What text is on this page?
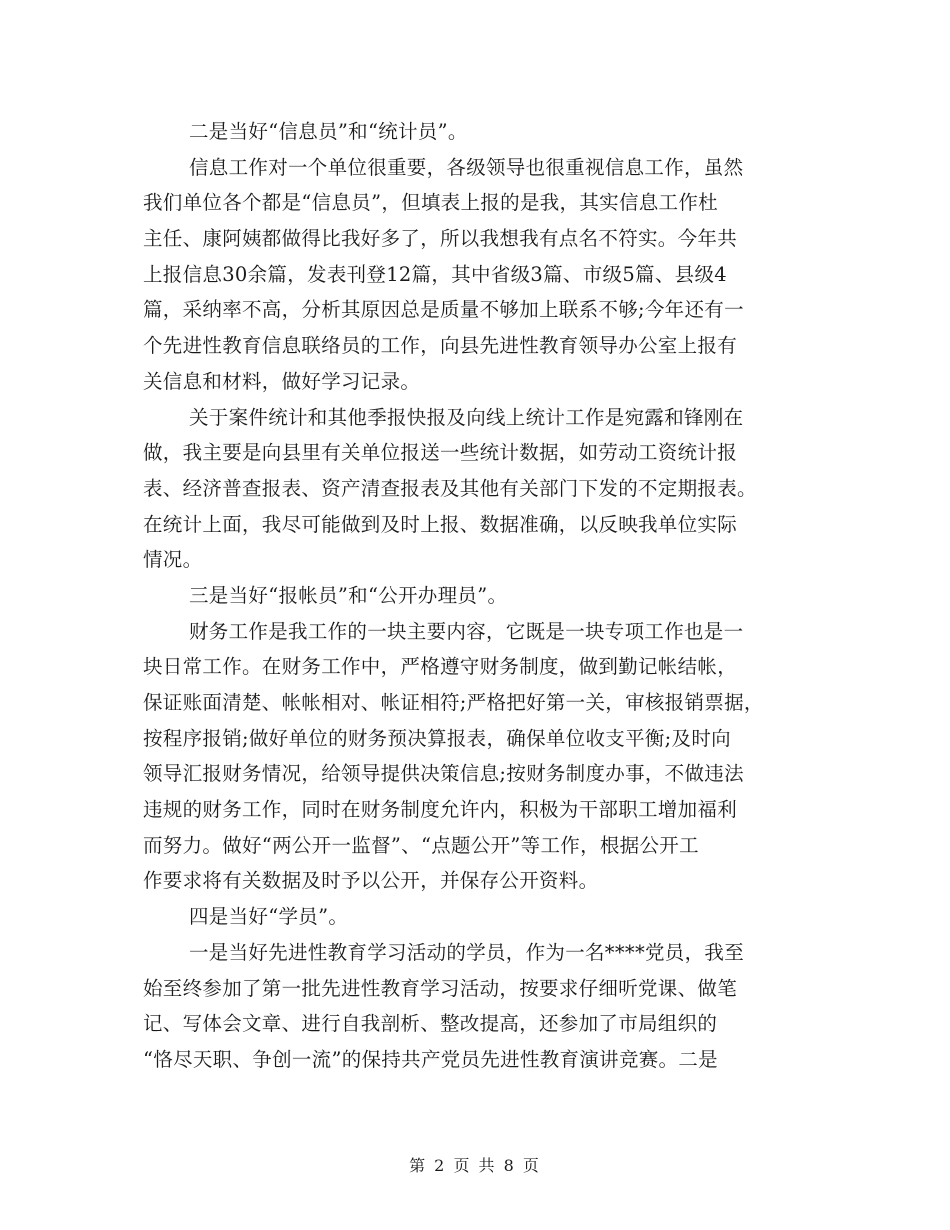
二是当好“信息员”和“统计员”。
信息工作对一个单位很重要，各级领导也很重视信息工作，虽然
我们单位各个都是“信息员”，但填表上报的是我，其实信息工作杜
主任、康阿姨都做得比我好多了，所以我想我有点名不符实。今年共
上报信息30余篇，发表刊登12篇，其中省级3篇、市级5篇、县级4
篇，采纳率不高，分析其原因总是质量不够加上联系不够;今年还有一
个先进性教育信息联络员的工作，向县先进性教育领导办公室上报有
关信息和材料，做好学习记录。
关于案件统计和其他季报快报及向线上统计工作是宛露和锋刚在
做，我主要是向县里有关单位报送一些统计数据，如劳动工资统计报
表、经济普查报表、资产清查报表及其他有关部门下发的不定期报表。
在统计上面，我尽可能做到及时上报、数据准确，以反映我单位实际
情况。
三是当好“报帐员”和“公开办理员”。
财务工作是我工作的一块主要内容，它既是一块专项工作也是一
块日常工作。在财务工作中，严格遵守财务制度，做到勤记帐结帐，
保证账面清楚、帐帐相对、帐证相符;严格把好第一关，审核报销票据，
按程序报销;做好单位的财务预决算报表，确保单位收支平衡;及时向
领导汇报财务情况，给领导提供决策信息;按财务制度办事，不做违法
违规的财务工作，同时在财务制度允许内，积极为干部职工增加福利
而努力。做好“两公开一监督”、“点题公开”等工作，根据公开工
作要求将有关数据及时予以公开，并保存公开资料。
四是当好“学员”。
一是当好先进性教育学习活动的学员，作为一名****党员，我至
始至终参加了第一批先进性教育学习活动，按要求仔细听党课、做笔
记、写体会文章、进行自我剖析、整改提高，还参加了市局组织的
“恪尽天职、争创一流”的保持共产党员先进性教育演讲竞赛。二是
第 2 页 共 8 页
